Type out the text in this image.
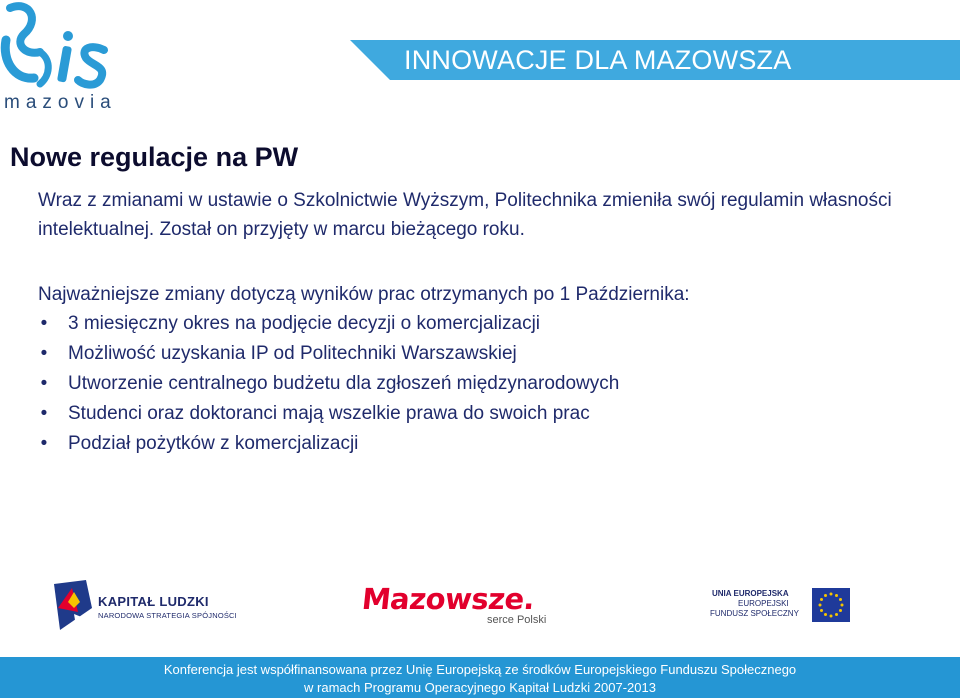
mazovia
INNOWACJE DLA MAZOWSZA
Nowe regulacje na PW
Wraz z zmianami w ustawie o Szkolnictwie Wyższym, Politechnika zmieniła swój regulamin własności intelektualnej. Został on przyjęty w marcu bieżącego roku.
Najważniejsze zmiany dotyczą wyników prac otrzymanych po 1 Października:
• 3 miesięczny okres na podjęcie decyzji o komercjalizacji
• Możliwość uzyskania IP od Politechniki Warszawskiej
• Utworzenie centralnego budżetu dla zgłoszeń międzynarodowych
• Studenci oraz doktoranci mają wszelkie prawa do swoich prac
• Podział pożytków z komercjalizacji
KAPITAŁ LUDZKI
NARODOWA STRATEGIA SPÓJNOŚCI	Mazowsze.
serce Polski
UNIA EUROPEJSKA
EUROPEJSKI
FUNDUSZ SPOŁECZNY
Konferencja jest współfinansowana przez Unię Europejską ze środków Europejskiego Funduszu Społecznego
w ramach Programu Operacyjnego Kapitał Ludzki 2007-2013
